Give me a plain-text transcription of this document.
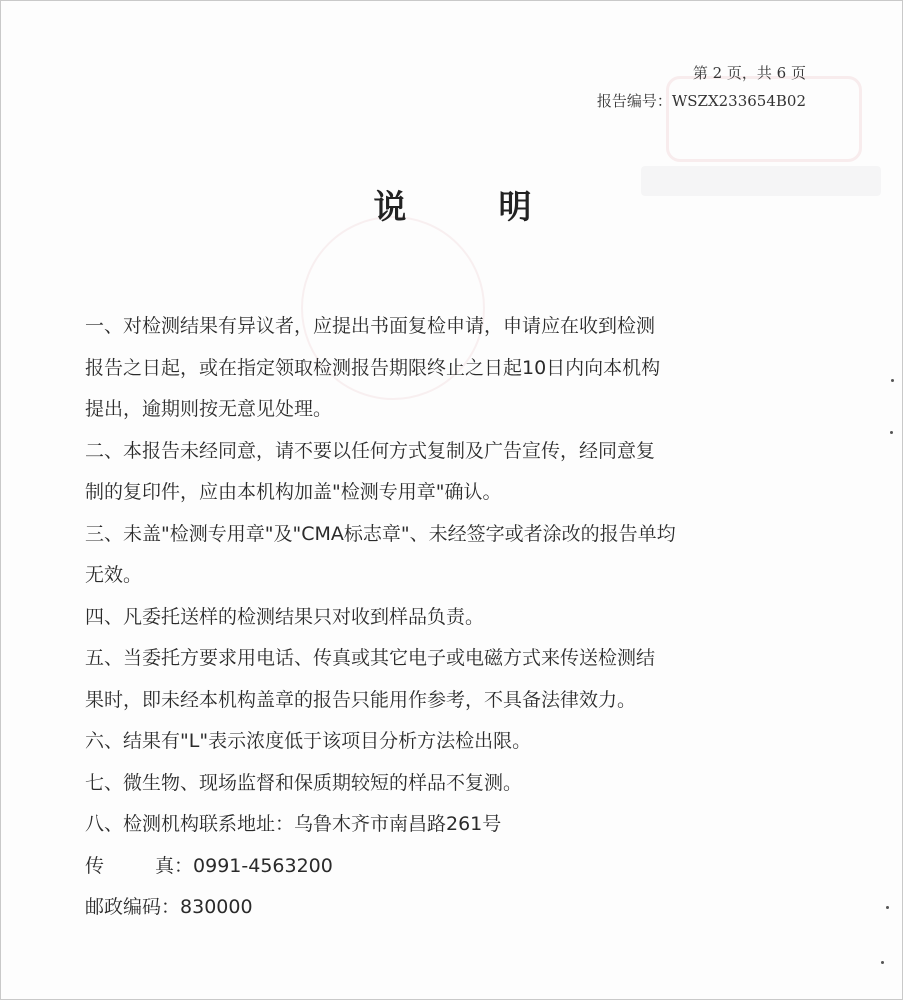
第 2 页，共 6 页
报告编号：WSZX233654B02
说	明

一、对检测结果有异议者，应提出书面复检申请，申请应在收到检测

报告之日起，或在指定领取检测报告期限终止之日起10日内向本机构

提出，逾期则按无意见处理。

二、本报告未经同意，请不要以任何方式复制及广告宣传，经同意复

制的复印件，应由本机构加盖"检测专用章"确认。

三、未盖"检测专用章"及"CMA标志章"、未经签字或者涂改的报告单均

无效。

四、凡委托送样的检测结果只对收到样品负责。

五、当委托方要求用电话、传真或其它电子或电磁方式来传送检测结

果时，即未经本机构盖章的报告只能用作参考，不具备法律效力。

六、结果有"L"表示浓度低于该项目分析方法检出限。

七、微生物、现场监督和保质期较短的样品不复测。

八、检测机构联系地址：乌鲁木齐市南昌路261号

传	真： 0991-4563200

邮政编码：830000
